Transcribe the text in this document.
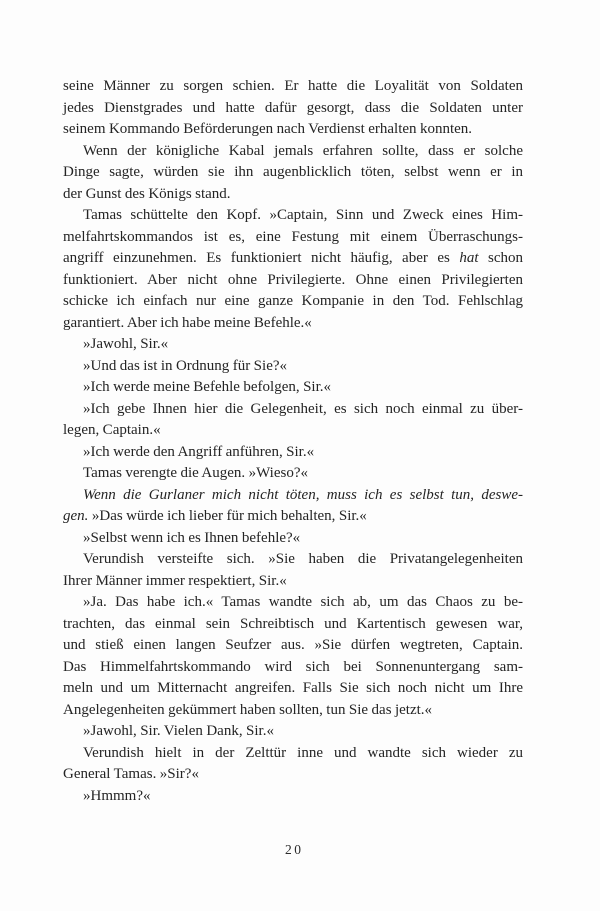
seine Männer zu sorgen schien. Er hatte die Loyalität von Soldaten
jedes Dienstgrades und hatte dafür gesorgt, dass die Soldaten unter
seinem Kommando Beförderungen nach Verdienst erhalten konnten.
Wenn der königliche Kabal jemals erfahren sollte, dass er solche
Dinge sagte, würden sie ihn augenblicklich töten, selbst wenn er in
der Gunst des Königs stand.
Tamas schüttelte den Kopf. »Captain, Sinn und Zweck eines Him-
melfahrtskommandos ist es, eine Festung mit einem Überraschungs-
angriff einzunehmen. Es funktioniert nicht häufig, aber es hat schon
funktioniert. Aber nicht ohne Privilegierte. Ohne einen Privilegierten
schicke ich einfach nur eine ganze Kompanie in den Tod. Fehlschlag
garantiert. Aber ich habe meine Befehle.«
»Jawohl, Sir.«
»Und das ist in Ordnung für Sie?«
»Ich werde meine Befehle befolgen, Sir.«
»Ich gebe Ihnen hier die Gelegenheit, es sich noch einmal zu über-
legen, Captain.«
»Ich werde den Angriff anführen, Sir.«
Tamas verengte die Augen. »Wieso?«
Wenn die Gurlaner mich nicht töten, muss ich es selbst tun, deswe-
gen. »Das würde ich lieber für mich behalten, Sir.«
»Selbst wenn ich es Ihnen befehle?«
Verundish versteifte sich. »Sie haben die Privatangelegenheiten
Ihrer Männer immer respektiert, Sir.«
»Ja. Das habe ich.« Tamas wandte sich ab, um das Chaos zu be-
trachten, das einmal sein Schreibtisch und Kartentisch gewesen war,
und stieß einen langen Seufzer aus. »Sie dürfen wegtreten, Captain.
Das Himmelfahrtskommando wird sich bei Sonnenuntergang sam-
meln und um Mitternacht angreifen. Falls Sie sich noch nicht um Ihre
Angelegenheiten gekümmert haben sollten, tun Sie das jetzt.«
»Jawohl, Sir. Vielen Dank, Sir.«
Verundish hielt in der Zelttür inne und wandte sich wieder zu
General Tamas. »Sir?«
»Hmmm?«
20
